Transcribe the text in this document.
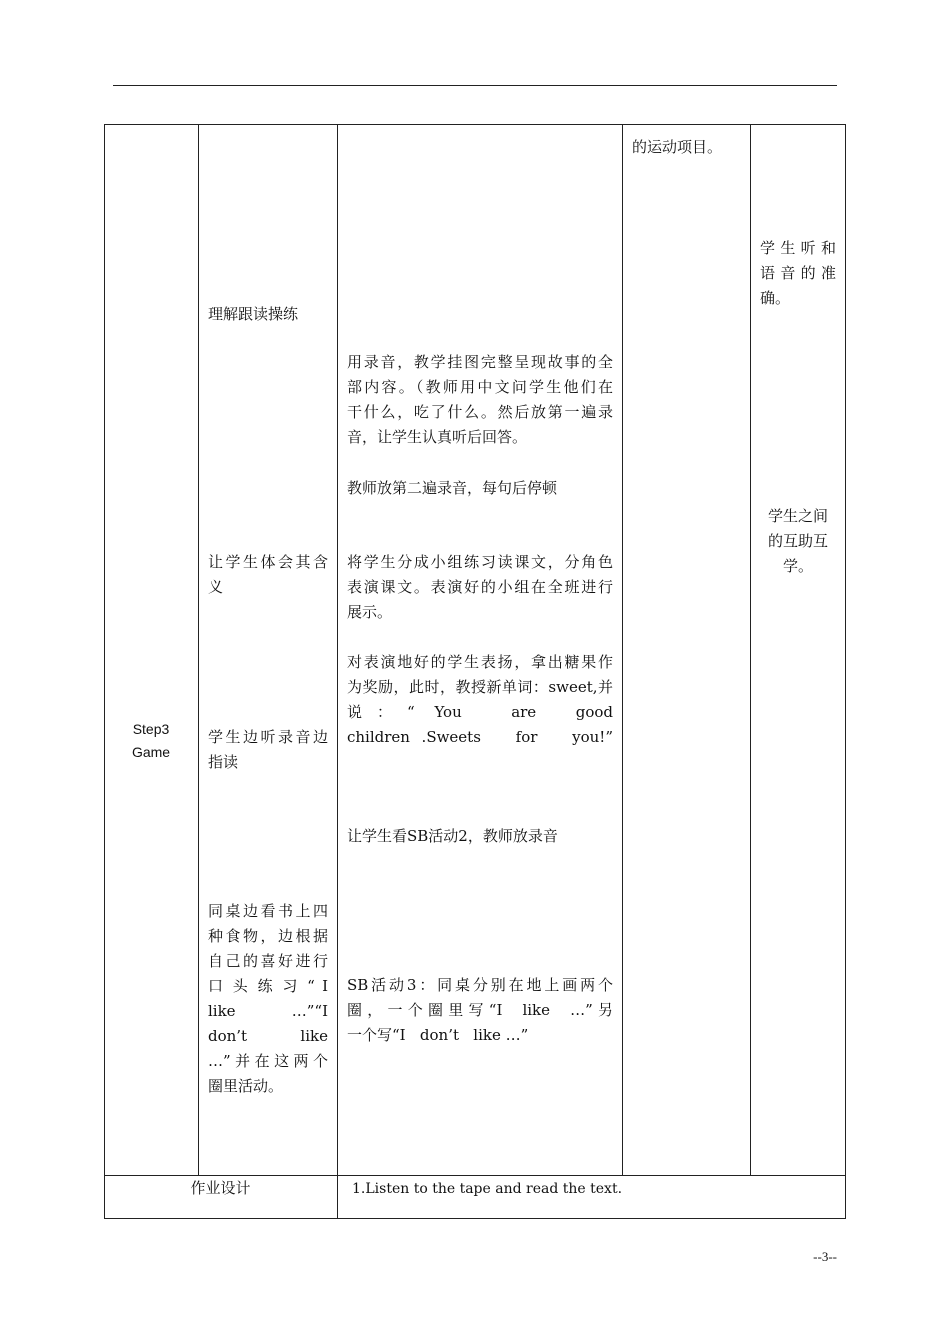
Step3
Game
理解跟读操练
让学生体会其含
义
学生边听录音边
指读
同桌边看书上四
种食物，边根据
自己的喜好进行
口 头 练 习 “ I
like    …”“I
don’t    like
…”并在这两个
圈里活动。
用录音，教学挂图完整呈现故事的全
部内容。（教师用中文问学生他们在
干什么，吃了什么。然后放第一遍录
音，让学生认真听后回答。
教师放第二遍录音，每句后停顿
将学生分成小组练习读课文，分角色
表演课文。表演好的小组在全班进行
展示。
对表演地好的学生表扬，拿出糖果作
为奖励，此时，教授新单词：sweet,并
说 ： “  You     are    good
children .Sweets   for   you!”
让学生看SB活动2，教师放录音
SB活动3：同桌分别在地上画两个
圈，一个圈里写“I  like  …”另
一个写“I   don’t   like …”
的运动项目。
学 生 听 和
语 音 的 准
确。
学生之间
的互助互
学。
作业设计	1.Listen to the tape and read the text.
--3--
